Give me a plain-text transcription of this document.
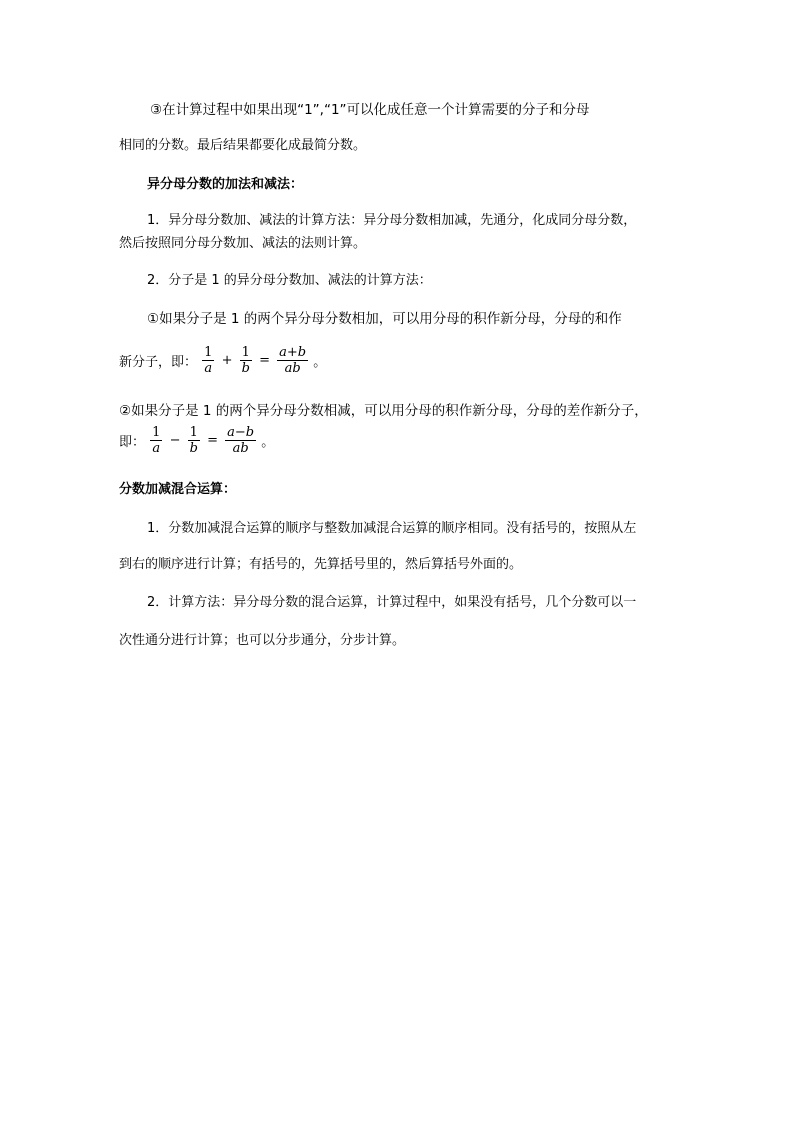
③在计算过程中如果出现“1”,“1”可以化成任意一个计算需要的分子和分母
相同的分数。最后结果都要化成最简分数。
异分母分数的加法和减法：
1．异分母分数加、减法的计算方法：异分母分数相加减，先通分，化成同分母分数，
然后按照同分母分数加、减法的法则计算。
2．分子是 1 的异分母分数加、减法的计算方法：
①如果分子是 1 的两个异分母分数相加，可以用分母的积作新分母，分母的和作
新分子，即： $\frac{1}{a} + \frac{1}{b} = \frac{a+b}{ab}$ 。
②如果分子是 1 的两个异分母分数相减，可以用分母的积作新分母，分母的差作新分子，
即： $\frac{1}{a} - \frac{1}{b} = \frac{a-b}{ab}$ 。
分数加减混合运算：
1．分数加减混合运算的顺序与整数加减混合运算的顺序相同。没有括号的，按照从左
到右的顺序进行计算；有括号的，先算括号里的，然后算括号外面的。
2．计算方法：异分母分数的混合运算，计算过程中，如果没有括号，几个分数可以一
次性通分进行计算；也可以分步通分，分步计算。
